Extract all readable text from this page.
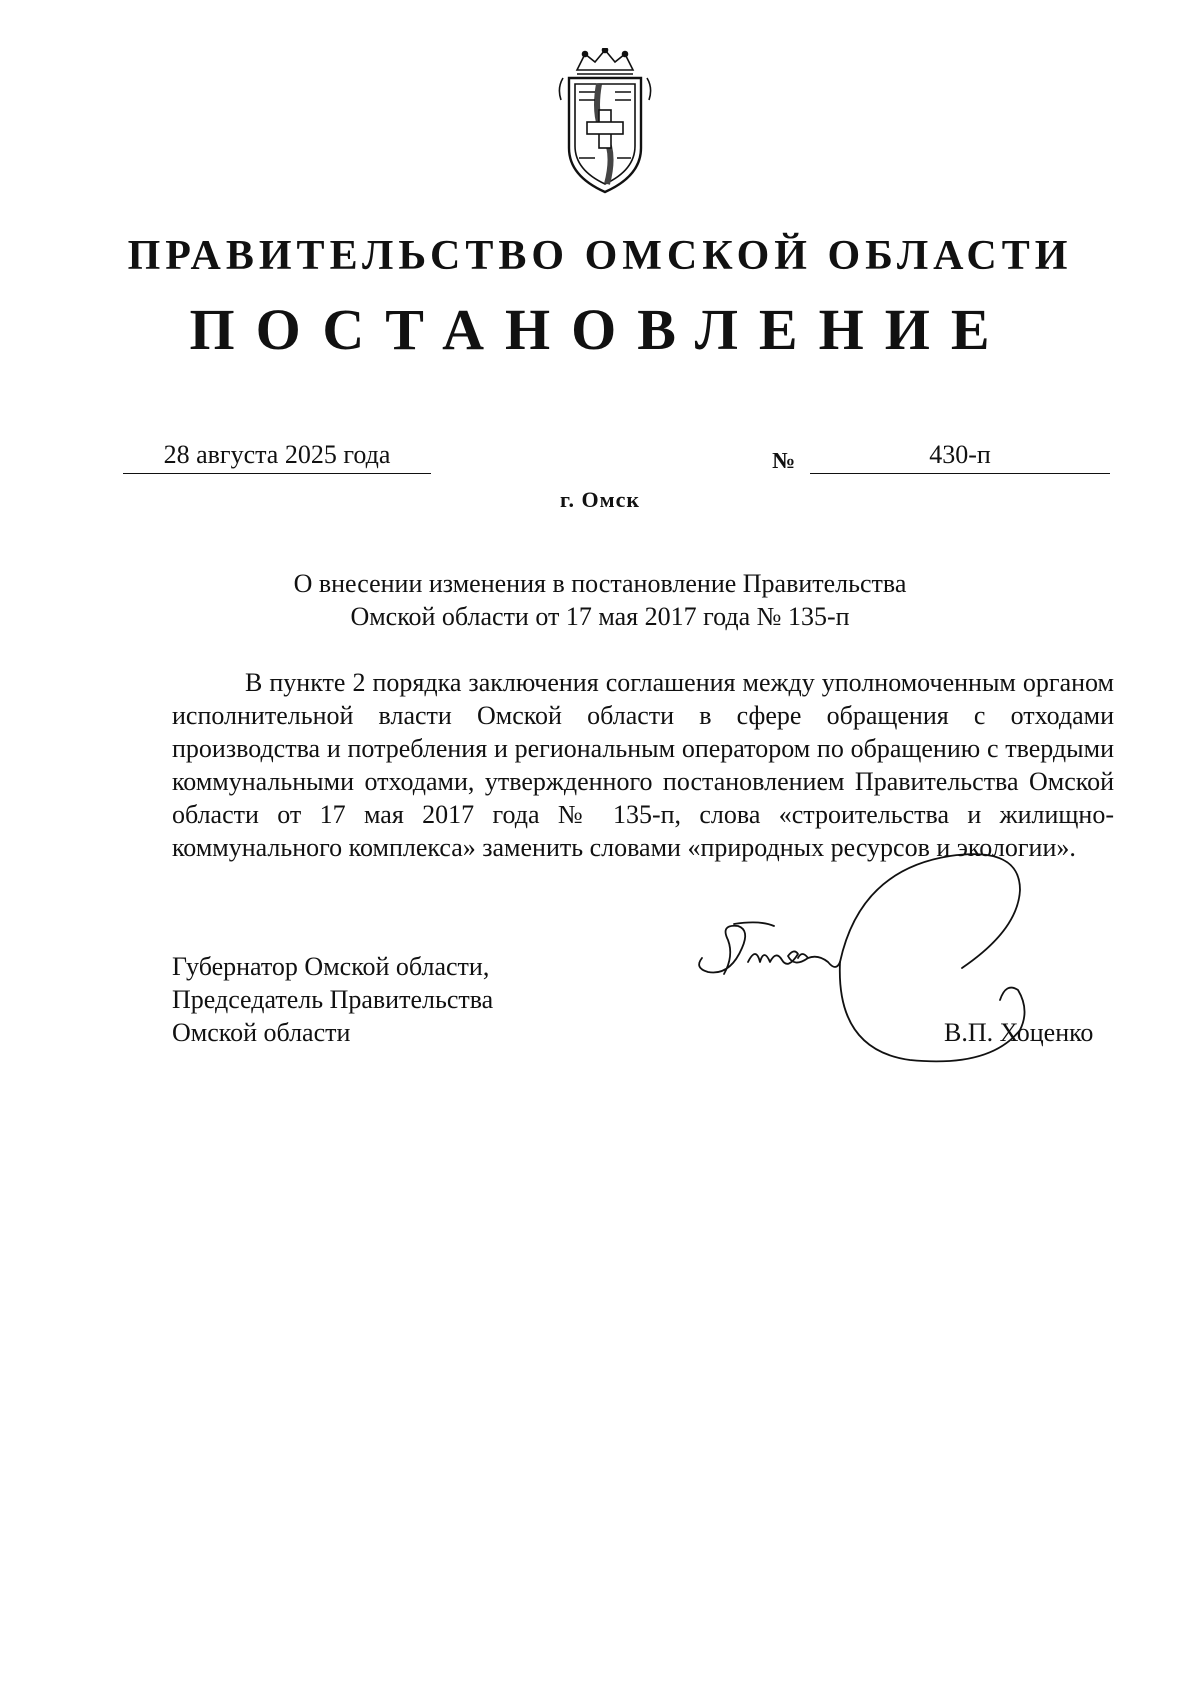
ПРАВИТЕЛЬСТВО ОМСКОЙ ОБЛАСТИ
ПОСТАНОВЛЕНИЕ
28 августа 2025 года	№	430-п
г. Омск
О внесении изменения в постановление Правительства
Омской области от 17 мая 2017 года № 135-п
В пункте 2 порядка заключения соглашения между уполномоченным органом исполнительной власти Омской области в сфере обращения с отходами производства и потребления и региональным оператором по обращению с твердыми коммунальными отходами, утвержденного постановлением Правительства Омской области от 17 мая 2017 года № 135-п, слова «строительства и жилищно-коммунального комплекса» заменить словами «природных ресурсов и экологии».
Губернатор Омской области,
Председатель Правительства
Омской области	В.П. Хоценко
